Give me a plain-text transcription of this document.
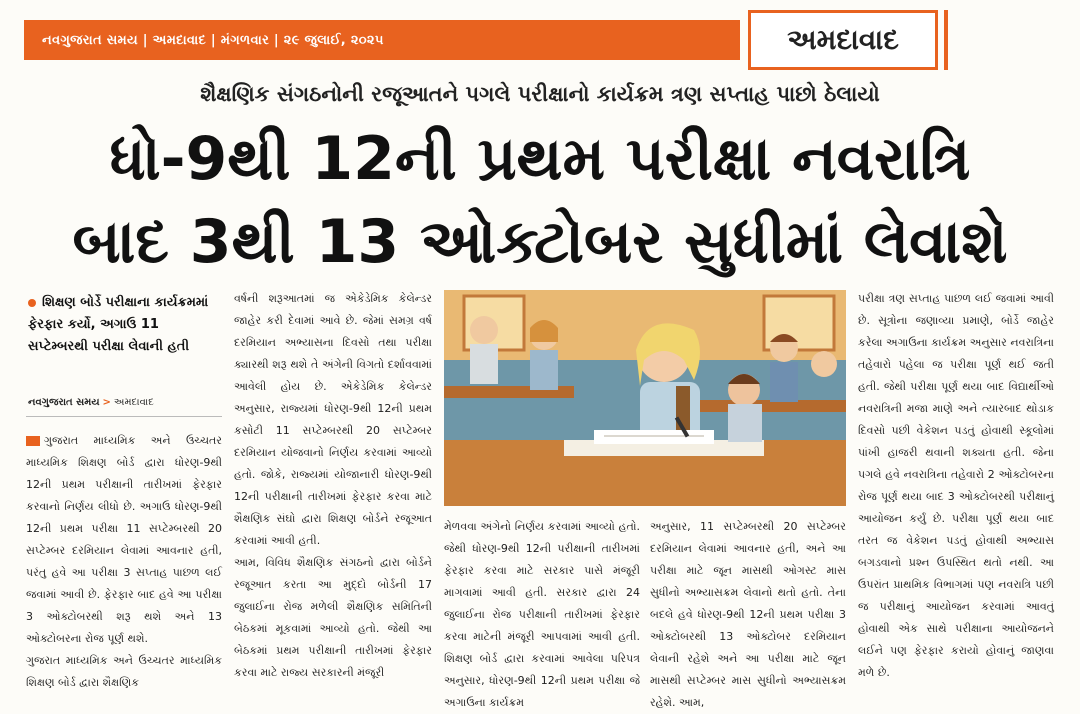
નવગુજરાત સમય | અમદાવાદ | મંગળવાર | ૨૯ જુલાઈ, ૨૦૨૫	અમદાવાદ
શૈક્ષણિક સંગઠનોની રજૂઆતને પગલે પરીક્ષાનો કાર્યક્રમ ત્રણ સપ્તાહ પાછો ઠેલાયો
ધો-9થી 12ની પ્રથમ પરીક્ષા નવરાત્રિ
બાદ 3થી 13 ઓક્ટોબર સુધીમાં લેવાશે
શિક્ષણ બોર્ડે પરીક્ષાના કાર્યક્રમમાં ફેરફાર કર્યો, અગાઉ 11 સપ્ટેમ્બરથી પરીક્ષા લેવાની હતી
નવગુજરાત સમય > અમદાવાદ

ગુજરાત માધ્યમિક અને ઉચ્ચતર માધ્યમિક શિક્ષણ બોર્ડ દ્વારા ધોરણ-9થી 12ની પ્રથમ પરીક્ષાની તારીખમાં ફેરફાર કરવાનો નિર્ણય લીધો છે. અગાઉ ધોરણ-9થી 12ની પ્રથમ પરીક્ષા 11 સપ્ટેમ્બરથી 20 સપ્ટેમ્બર દરમિયાન લેવામાં આવનાર હતી, પરંતુ હવે આ પરીક્ષા 3 સપ્તાહ પાછળ લઈ જવામાં આવી છે. ફેરફાર બાદ હવે આ પરીક્ષા 3 ઓક્ટોબરથી શરૂ થશે અને 13 ઓક્ટોબરના રોજ પૂર્ણ થશે.

ગુજરાત માધ્યમિક અને ઉચ્ચતર માધ્યમિક શિક્ષણ બોર્ડ દ્વારા શૈક્ષણિક

વર્ષની શરૂઆતમાં જ એકેડેમિક કેલેન્ડર જાહેર કરી દેવામાં આવે છે. જેમાં સમગ્ર વર્ષ દરમિયાન અભ્યાસના દિવસો તથા પરીક્ષા ક્યારથી શરૂ થશે તે અંગેની વિગતો દર્શાવવામાં આવેલી હોય છે. એકેડેમિક કેલેન્ડર અનુસાર, રાજ્યમાં ધોરણ-9થી 12ની પ્રથમ કસોટી 11 સપ્ટેમ્બરથી 20 સપ્ટેમ્બર દરમિયાન યોજવાનો નિર્ણય કરવામાં આવ્યો હતો. જોકે, રાજ્યમાં યોજાનારી ધોરણ-9થી 12ની પરીક્ષાની તારીખમાં ફેરફાર કરવા માટે શૈક્ષણિક સંઘો દ્વારા શિક્ષણ બોર્ડને રજૂઆત કરવામાં આવી હતી.

આમ, વિવિધ શૈક્ષણિક સંગઠનો દ્વારા બોર્ડને રજૂઆત કરતા આ મુદ્દો બોર્ડની 17 જુલાઈના રોજ મળેલી શૈક્ષણિક સમિતિની બેઠકમાં મૂકવામાં આવ્યો હતો. જેથી આ બેઠકમાં પ્રથમ પરીક્ષાની તારીખમાં ફેરફાર કરવા માટે રાજ્ય સરકારની મંજૂરી

મેળવવા અંગેનો નિર્ણય કરવામાં આવ્યો હતો. જેથી ધોરણ-9થી 12ની પરીક્ષાની તારીખમાં ફેરફાર કરવા માટે સરકાર પાસે મંજૂરી માગવામાં આવી હતી. સરકાર દ્વારા 24 જુલાઈના રોજ પરીક્ષાની તારીખમાં ફેરફાર કરવા માટેની મંજૂરી આપવામાં આવી હતી. શિક્ષણ બોર્ડ દ્વારા કરવામાં આવેલા પરિપત્ર અનુસાર, ધોરણ-9થી 12ની પ્રથમ પરીક્ષા જે અગાઉના કાર્યક્રમ

અનુસાર, 11 સપ્ટેમ્બરથી 20 સપ્ટેમ્બર દરમિયાન લેવામાં આવનાર હતી, અને આ પરીક્ષા માટે જૂન માસથી ઓગસ્ટ માસ સુધીનો અભ્યાસક્રમ લેવાનો થતો હતો. તેના બદલે હવે ધોરણ-9થી 12ની પ્રથમ પરીક્ષા 3 ઓક્ટોબરથી 13 ઓક્ટોબર દરમિયાન લેવાની રહેશે અને આ પરીક્ષા માટે જૂન માસથી સપ્ટેમ્બર માસ સુધીનો અભ્યાસક્રમ રહેશે. આમ,

પરીક્ષા ત્રણ સપ્તાહ પાછળ લઈ જવામાં આવી છે. સૂત્રોના જણાવ્યા પ્રમાણે, બોર્ડે જાહેર કરેલા અગાઉના કાર્યક્રમ અનુસાર નવરાત્રિના તહેવારો પહેલા જ પરીક્ષા પૂર્ણ થઈ જતી હતી. જેથી પરીક્ષા પૂર્ણ થયા બાદ વિદ્યાર્થીઓ નવરાત્રિની મજા માણે અને ત્યારબાદ થોડાક દિવસો પછી વેકેશન પડતું હોવાથી સ્કૂલોમાં પાંખી હાજરી થવાની શક્યતા હતી. જેના પગલે હવે નવરાત્રિના તહેવારો 2 ઓક્ટોબરના રોજ પૂર્ણ થયા બાદ 3 ઓક્ટોબરથી પરીક્ષાનું આયોજન કર્યું છે. પરીક્ષા પૂર્ણ થયા બાદ તરત જ વેકેશન પડતું હોવાથી અભ્યાસ બગડવાનો પ્રશ્ન ઉપસ્થિત થતો નથી. આ ઉપરાંત પ્રાથમિક વિભાગમાં પણ નવરાત્રિ પછી જ પરીક્ષાનું આયોજન કરવામાં આવતું હોવાથી એક સાથે પરીક્ષાના આયોજનને લઈને પણ ફેરફાર કરાયો હોવાનું જાણવા મળે છે.
